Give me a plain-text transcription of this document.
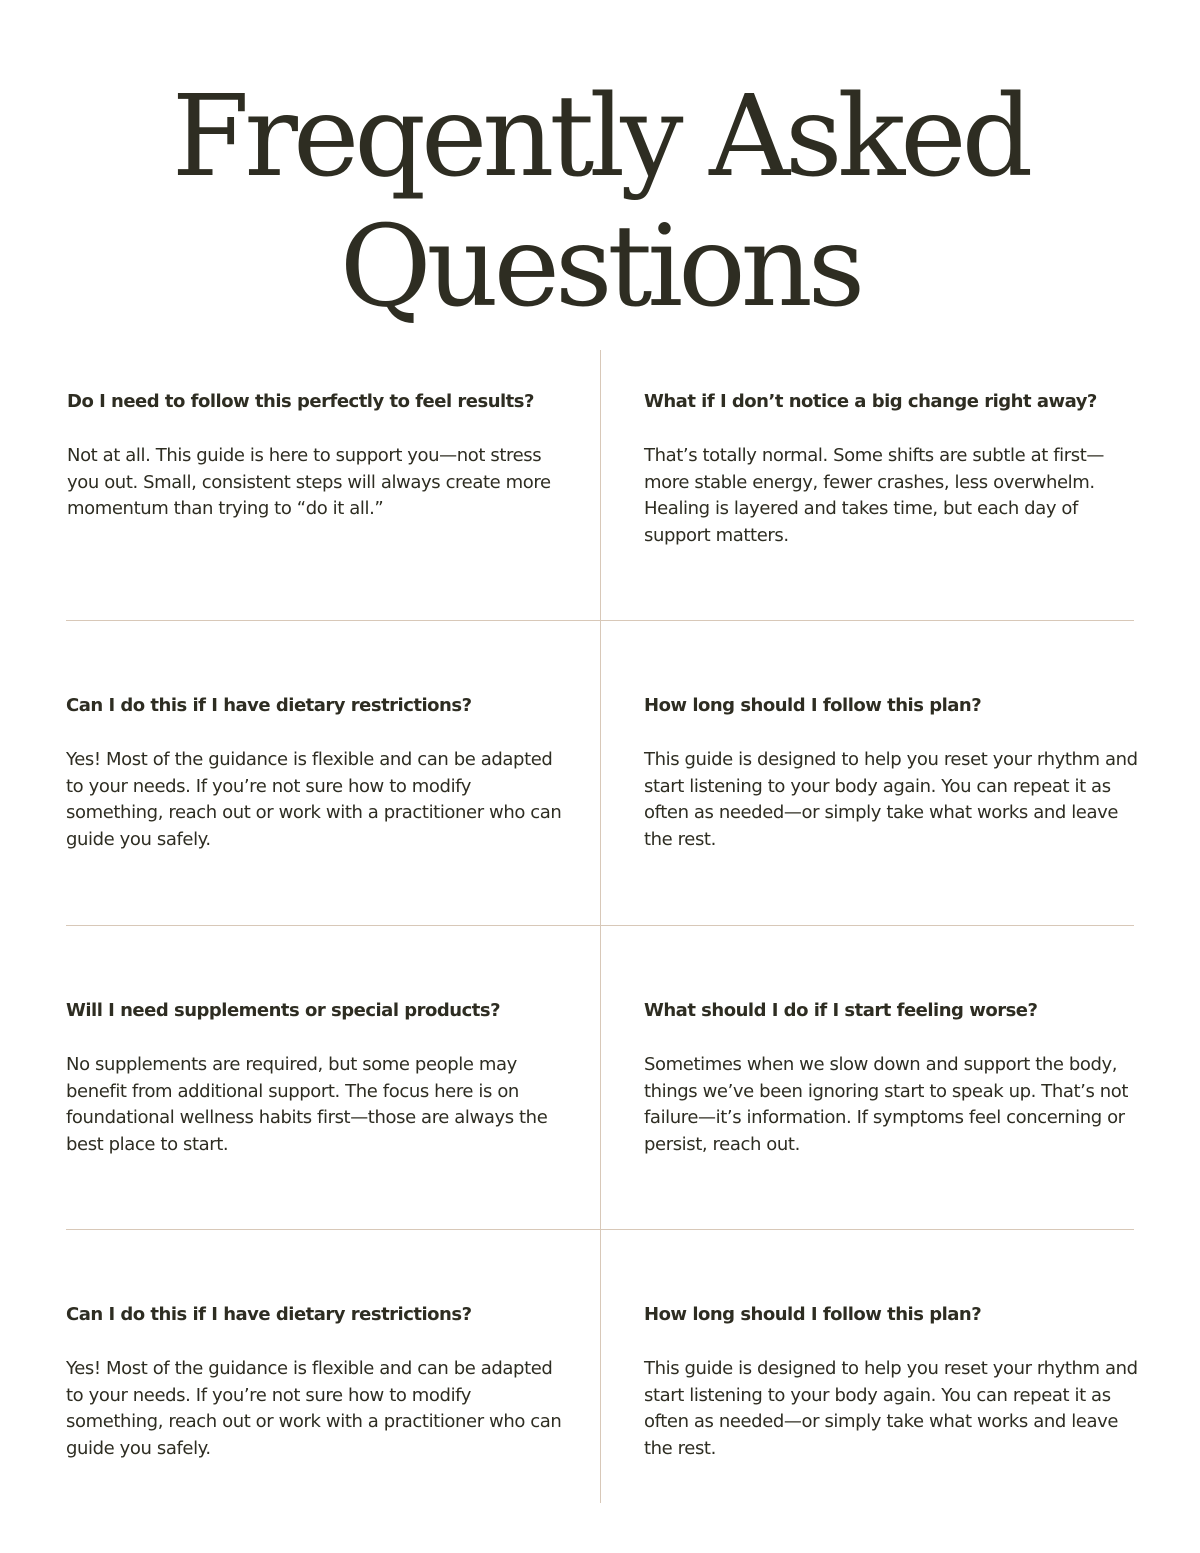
Freqently Asked
Questions

Do I need to follow this perfectly to feel results?

Not at all. This guide is here to support you—not stress you out. Small, consistent steps will always create more momentum than trying to “do it all.”

What if I don’t notice a big change right away?

That’s totally normal. Some shifts are subtle at first—more stable energy, fewer crashes, less overwhelm. Healing is layered and takes time, but each day of support matters.

Can I do this if I have dietary restrictions?

Yes! Most of the guidance is flexible and can be adapted to your needs. If you’re not sure how to modify something, reach out or work with a practitioner who can guide you safely.

How long should I follow this plan?

This guide is designed to help you reset your rhythm and start listening to your body again. You can repeat it as often as needed—or simply take what works and leave the rest.

Will I need supplements or special products?

No supplements are required, but some people may benefit from additional support. The focus here is on foundational wellness habits first—those are always the best place to start.

What should I do if I start feeling worse?

Sometimes when we slow down and support the body, things we’ve been ignoring start to speak up. That’s not failure—it’s information. If symptoms feel concerning or persist, reach out.

Can I do this if I have dietary restrictions?

Yes! Most of the guidance is flexible and can be adapted to your needs. If you’re not sure how to modify something, reach out or work with a practitioner who can guide you safely.

How long should I follow this plan?

This guide is designed to help you reset your rhythm and start listening to your body again. You can repeat it as often as needed—or simply take what works and leave the rest.
